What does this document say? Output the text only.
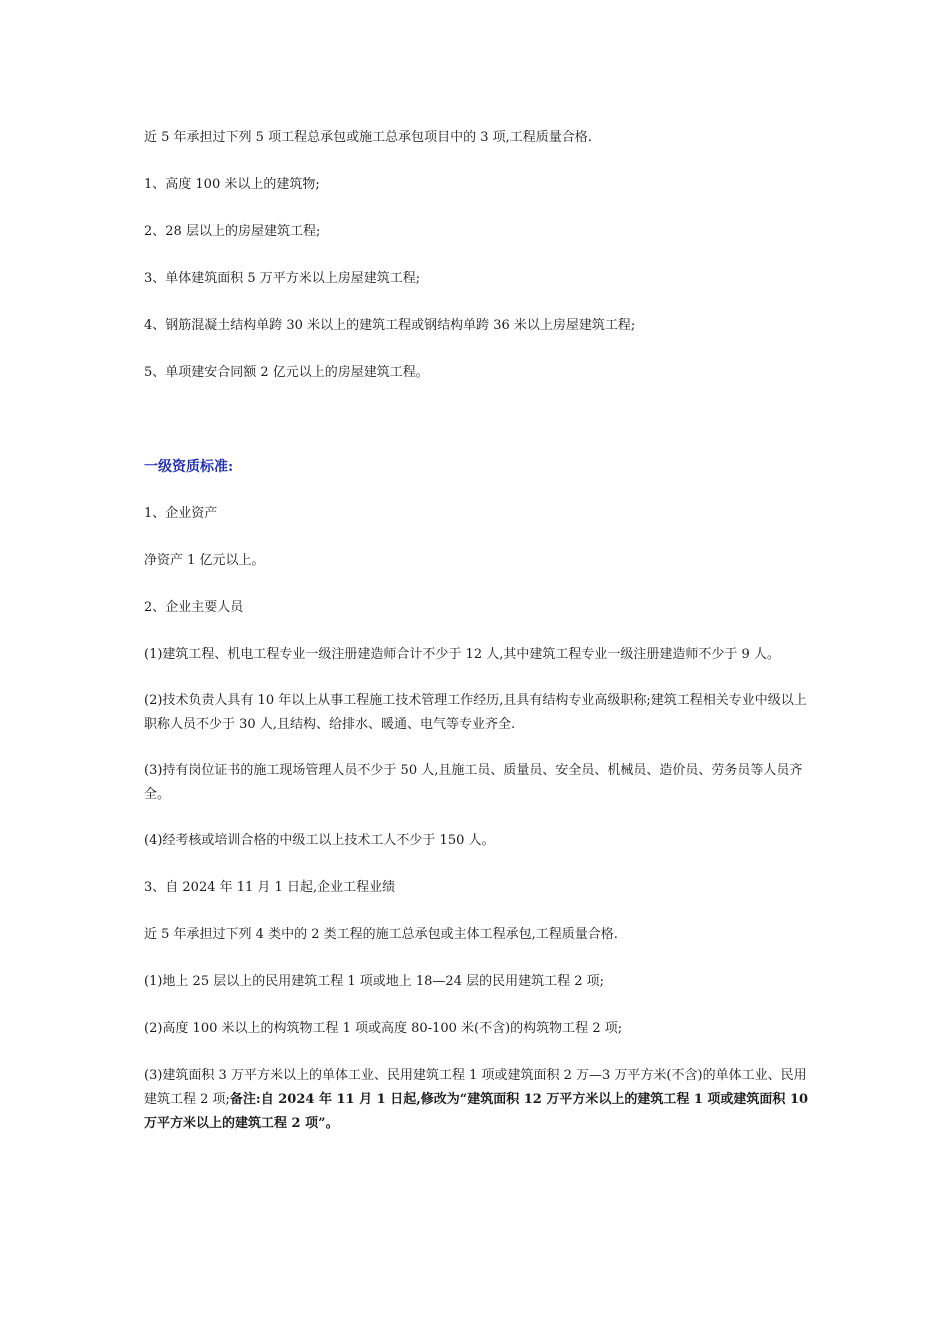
近 5 年承担过下列 5 项工程总承包或施工总承包项目中的 3 项,工程质量合格.

1、高度 100 米以上的建筑物;

2、28 层以上的房屋建筑工程;

3、单体建筑面积 5 万平方米以上房屋建筑工程;

4、钢筋混凝土结构单跨 30 米以上的建筑工程或钢结构单跨 36 米以上房屋建筑工程;

5、单项建安合同额 2 亿元以上的房屋建筑工程。

一级资质标准:

1、企业资产

净资产 1 亿元以上。

2、企业主要人员

(1)建筑工程、机电工程专业一级注册建造师合计不少于 12 人,其中建筑工程专业一级注册建造师不少于 9 人。

(2)技术负责人具有 10 年以上从事工程施工技术管理工作经历,且具有结构专业高级职称;建筑工程相关专业中级以上职称人员不少于 30 人,且结构、给排水、暖通、电气等专业齐全.

(3)持有岗位证书的施工现场管理人员不少于 50 人,且施工员、质量员、安全员、机械员、造价员、劳务员等人员齐全。

(4)经考核或培训合格的中级工以上技术工人不少于 150 人。

3、自 2024 年 11 月 1 日起,企业工程业绩

近 5 年承担过下列 4 类中的 2 类工程的施工总承包或主体工程承包,工程质量合格.

(1)地上 25 层以上的民用建筑工程 1 项或地上 18—24 层的民用建筑工程 2 项;

(2)高度 100 米以上的构筑物工程 1 项或高度 80-100 米(不含)的构筑物工程 2 项;

(3)建筑面积 3 万平方米以上的单体工业、民用建筑工程 1 项或建筑面积 2 万—3 万平方米(不含)的单体工业、民用建筑工程 2 项;备注:自 2024 年 11 月 1 日起,修改为“建筑面积 12 万平方米以上的建筑工程 1 项或建筑面积 10 万平方米以上的建筑工程 2 项”。
